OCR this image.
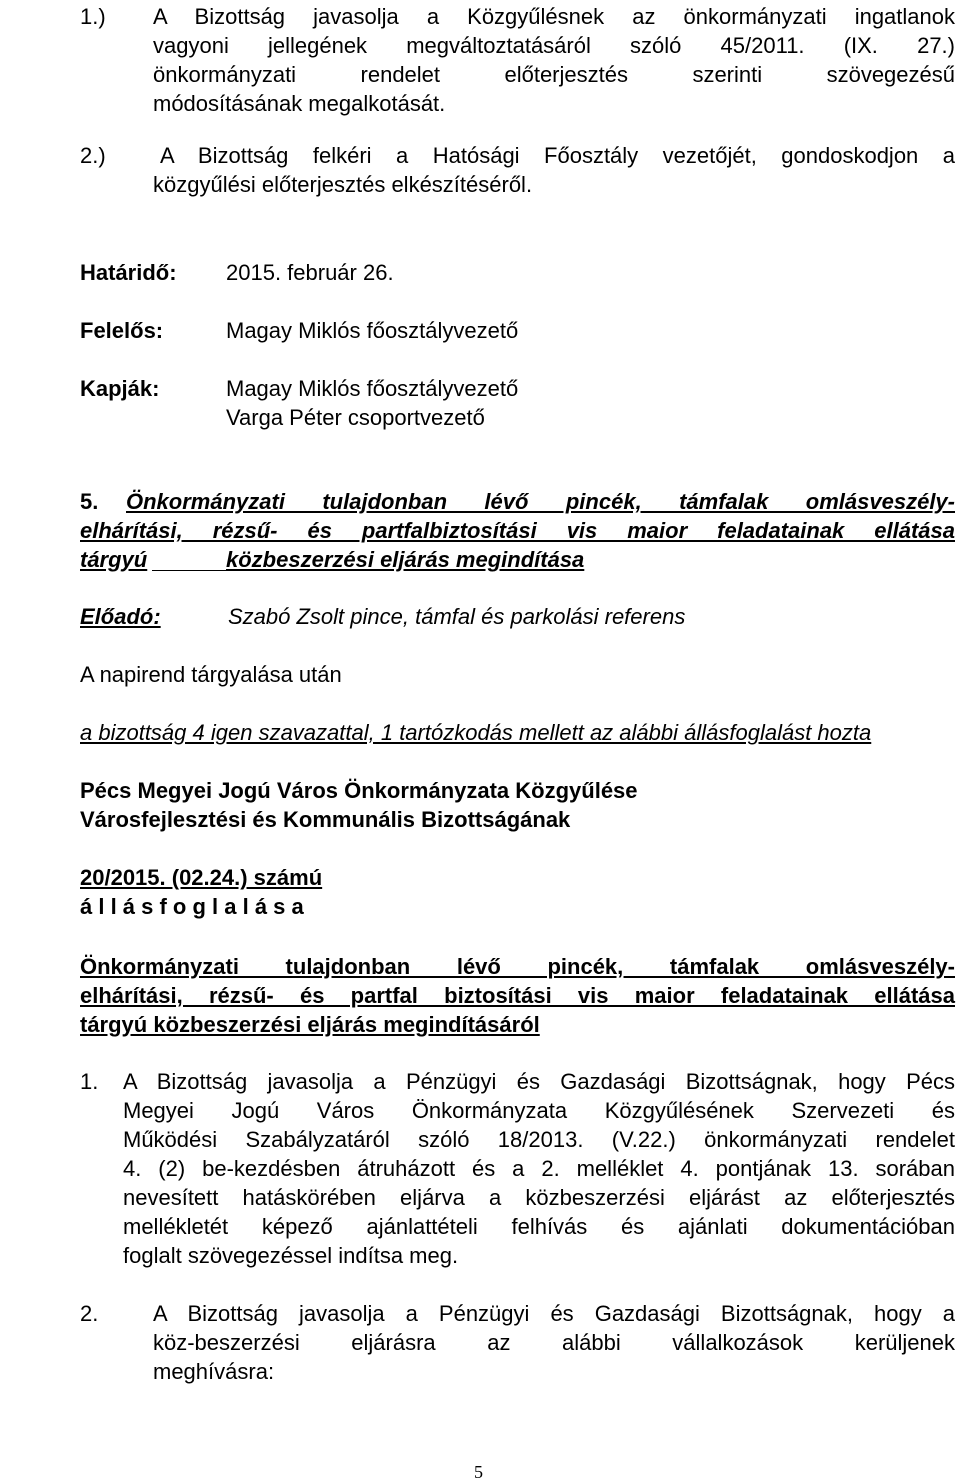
1.) A Bizottság javasolja a Közgyűlésnek az önkormányzati ingatlanok
vagyoni jellegének megváltoztatásáról szóló 45/2011. (IX. 27.)
önkormányzati rendelet előterjesztés szerinti szövegezésű
módosításának megalkotását.
2.) A Bizottság felkéri a Hatósági Főosztály vezetőjét, gondoskodjon a
közgyűlési előterjesztés elkészítéséről.
Határidő: 2015. február 26.
Felelős:	Magay Miklós főosztályvezető
Kapják:	Magay Miklós főosztályvezető
Varga Péter csoportvezető
5. Önkormányzati tulajdonban lévő pincék, támfalak omlásveszély-
elhárítási, rézsű- és partfalbiztosítási vis maior feladatainak ellátása
tárgyú	közbeszerzési eljárás megindítása
Előadó:	Szabó Zsolt pince, támfal és parkolási referens
A napirend tárgyalása után
a bizottság 4 igen szavazattal, 1 tartózkodás mellett az alábbi állásfoglalást hozta
Pécs Megyei Jogú Város Önkormányzata Közgyűlése
Városfejlesztési és Kommunális Bizottságának
20/2015. (02.24.) számú
á l l á s f o g l a l á s a
Önkormányzati tulajdonban lévő pincék, támfalak omlásveszély-
elhárítási, rézsű- és partfal biztosítási vis maior feladatainak ellátása
tárgyú közbeszerzési eljárás megindításáról
1. A Bizottság javasolja a Pénzügyi és Gazdasági Bizottságnak, hogy Pécs
Megyei Jogú Város Önkormányzata Közgyűlésének Szervezeti és
Működési Szabályzatáról szóló 18/2013. (V.22.) önkormányzati rendelet
4. (2) be-kezdésben átruházott és a 2. melléklet 4. pontjának 13. sorában
nevesített hatáskörében eljárva a közbeszerzési eljárást az előterjesztés
mellékletét képező ajánlattételi felhívás és ajánlati dokumentációban
foglalt szövegezéssel indítsa meg.
2. A Bizottság javasolja a Pénzügyi és Gazdasági Bizottságnak, hogy a
köz-beszerzési eljárásra az alábbi vállalkozások kerüljenek
meghívásra:
5
